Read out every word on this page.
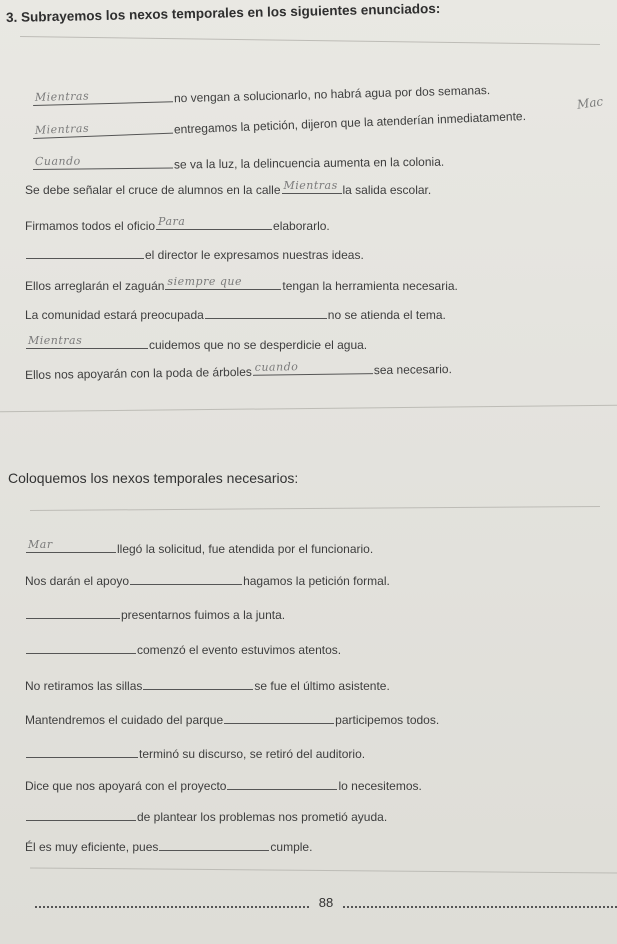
3. Subrayemos los nexos temporales en los siguientes enunciados:
Mac
Mientras	no vengan a solucionarlo, no habrá agua por dos semanas.
Mientras	entregamos la petición, dijeron que la atenderían inmediatamente.
Cuando	se va la luz, la delincuencia aumenta en la colonia.
Se debe señalar el cruce de alumnos en la calle Mientras la salida escolar.
Firmamos todos el oficio Para	elaborarlo.
el director le expresamos nuestras ideas.
Ellos arreglarán el zaguán siempre que	tengan la herramienta necesaria.
La comunidad estará preocupada	no se atienda el tema.
Mientras	cuidemos que no se desperdicie el agua.
Ellos nos apoyarán con la poda de árboles cuando	sea necesario.
Coloquemos los nexos temporales necesarios:
Mar	llegó la solicitud, fue atendida por el funcionario.
Nos darán el apoyo	hagamos la petición formal.
presentarnos fuimos a la junta.
comenzó el evento estuvimos atentos.
No retiramos las sillas	se fue el último asistente.
Mantendremos el cuidado del parque	participemos todos.
terminó su discurso, se retiró del auditorio.
Dice que nos apoyará con el proyecto	lo necesitemos.
de plantear los problemas nos prometió ayuda.
Él es muy eficiente, pues	cumple.
88
